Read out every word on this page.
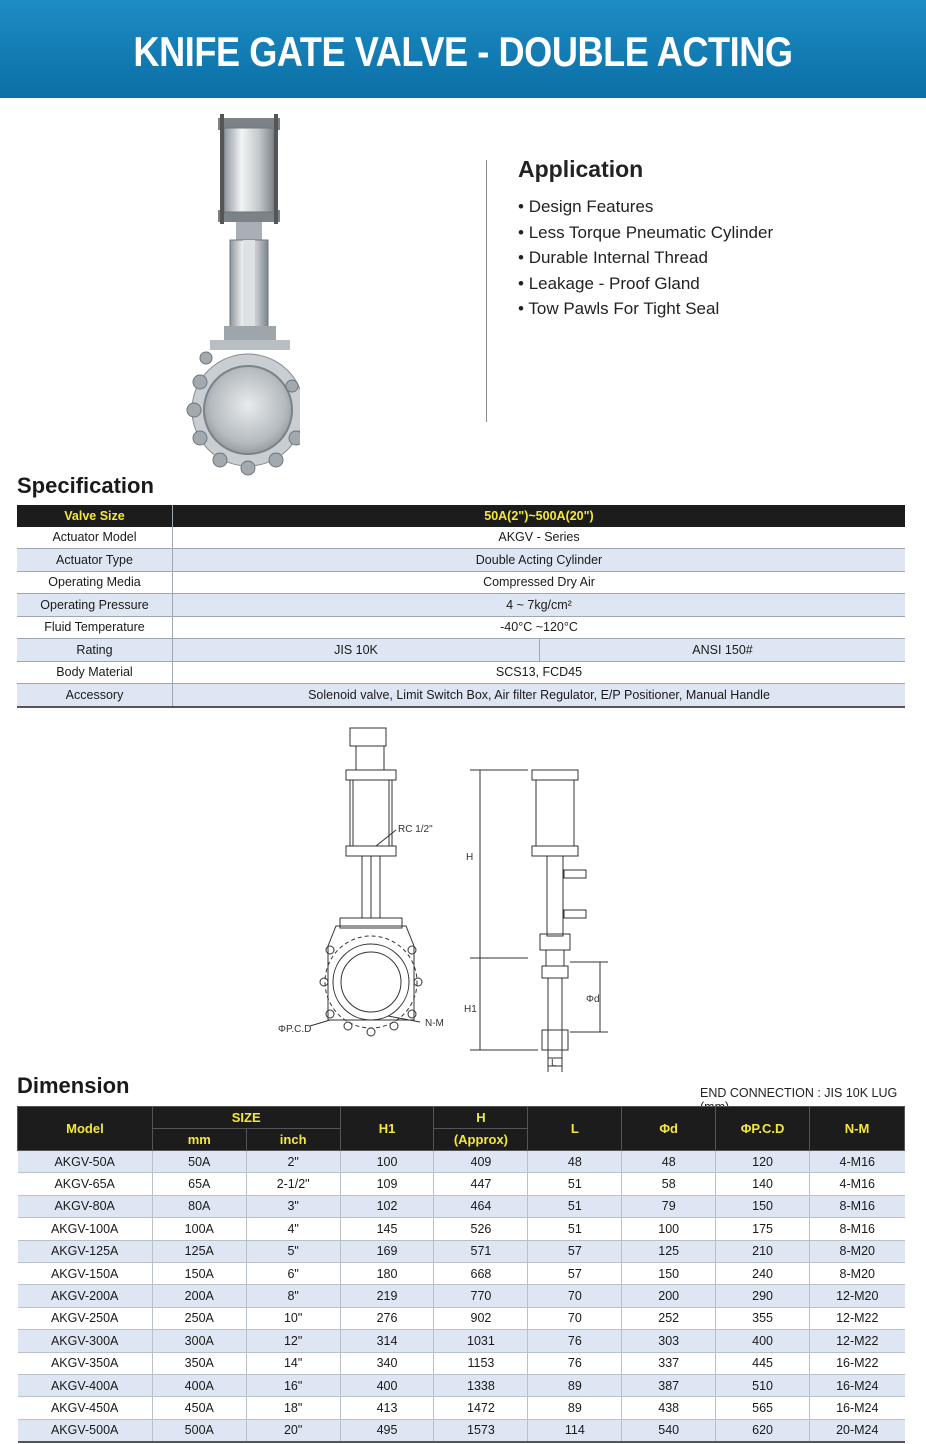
KNIFE GATE VALVE - DOUBLE ACTING
Application
• Design Features
• Less Torque Pneumatic Cylinder
• Durable Internal Thread
• Leakage - Proof Gland
• Tow Pawls For Tight Seal
Specification
Valve Size	50A(2")~500A(20")	
Actuator Model	AKGV - Series	
Actuator Type	Double Acting Cylinder	
Operating Media	Compressed Dry Air	
Operating Pressure	4 ~ 7kg/cm²	
Fluid Temperature	-40°C ~120°C	
Rating	JIS 10K	ANSI 150#
Body Material	SCS13, FCD45	
Accessory	Solenoid valve, Limit Switch Box, Air filter Regulator, E/P Positioner, Manual Handle	
RC 1/2"
ΦP.C.D
N-M
H
H1
Φd
L
Dimension	END CONNECTION : JIS 10K LUG
Model	SIZE		H1	H	L	Φd	ΦP.C.D	N-M
	mm	inch		(Approx)				
AKGV-50A	50A	2"	100	409	48	48	120	4-M16
AKGV-65A	65A	2-1/2"	109	447	51	58	140	4-M16
AKGV-80A	80A	3"	102	464	51	79	150	8-M16
AKGV-100A	100A	4"	145	526	51	100	175	8-M16
AKGV-125A	125A	5"	169	571	57	125	210	8-M20
AKGV-150A	150A	6"	180	668	57	150	240	8-M20
AKGV-200A	200A	8"	219	770	70	200	290	12-M20
AKGV-250A	250A	10"	276	902	70	252	355	12-M22
AKGV-300A	300A	12"	314	1031	76	303	400	12-M22
AKGV-350A	350A	14"	340	1153	76	337	445	16-M22
AKGV-400A	400A	16"	400	1338	89	387	510	16-M24
AKGV-450A	450A	18"	413	1472	89	438	565	16-M24
AKGV-500A	500A	20"	495	1573	114	540	620	20-M24
